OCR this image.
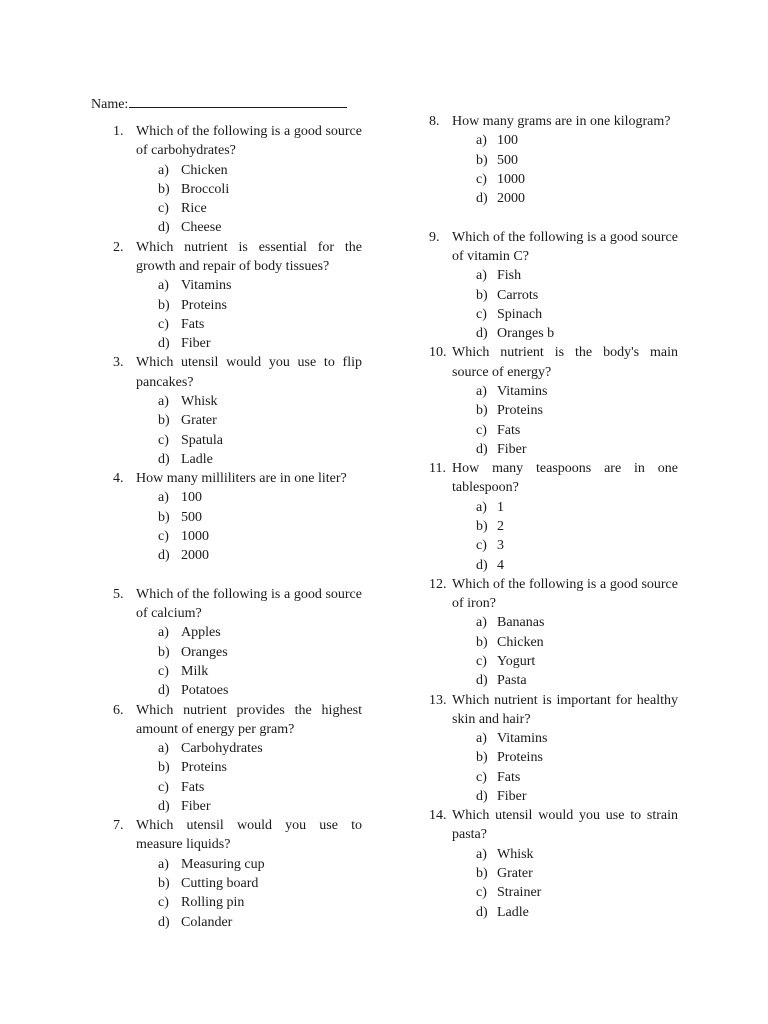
Name:
1. Which of the following is a good source of carbohydrates?
a) Chicken
b) Broccoli
c) Rice
d) Cheese
2. Which nutrient is essential for the growth and repair of body tissues?
a) Vitamins
b) Proteins
c) Fats
d) Fiber
3. Which utensil would you use to flip pancakes?
a) Whisk
b) Grater
c) Spatula
d) Ladle
4. How many milliliters are in one liter?
a) 100
b) 500
c) 1000
d) 2000
5. Which of the following is a good source of calcium?
a) Apples
b) Oranges
c) Milk
d) Potatoes
6. Which nutrient provides the highest amount of energy per gram?
a) Carbohydrates
b) Proteins
c) Fats
d) Fiber
7. Which utensil would you use to measure liquids?
a) Measuring cup
b) Cutting board
c) Rolling pin
d) Colander
8. How many grams are in one kilogram?
a) 100
b) 500
c) 1000
d) 2000
9. Which of the following is a good source of vitamin C?
a) Fish
b) Carrots
c) Spinach
d) Oranges b
10. Which nutrient is the body's main source of energy?
a) Vitamins
b) Proteins
c) Fats
d) Fiber
11. How many teaspoons are in one tablespoon?
a) 1
b) 2
c) 3
d) 4
12. Which of the following is a good source of iron?
a) Bananas
b) Chicken
c) Yogurt
d) Pasta
13. Which nutrient is important for healthy skin and hair?
a) Vitamins
b) Proteins
c) Fats
d) Fiber
14. Which utensil would you use to strain pasta?
a) Whisk
b) Grater
c) Strainer
d) Ladle
